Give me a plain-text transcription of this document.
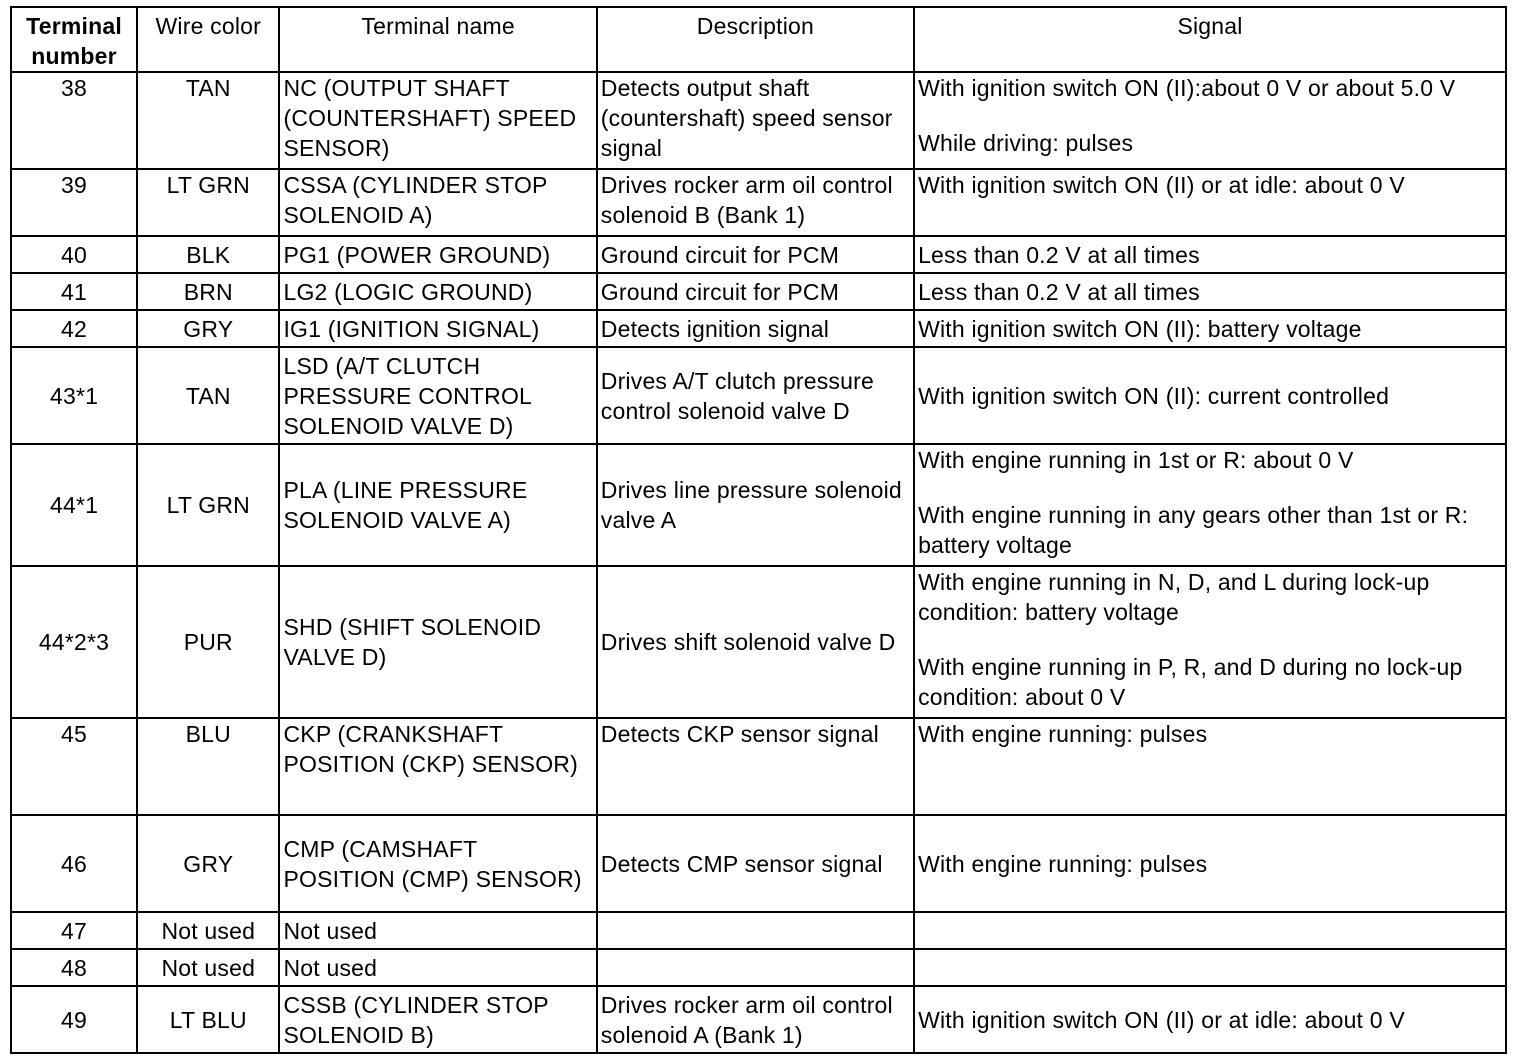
Terminal number	Wire color	Terminal name	Description	Signal
38	TAN	NC (OUTPUT SHAFT (COUNTERSHAFT) SPEED SENSOR)	Detects output shaft (countershaft) speed sensor signal	With ignition switch ON (II):about 0 V or about 5.0 V
While driving: pulses

39	LT GRN	CSSA (CYLINDER STOP SOLENOID A)	Drives rocker arm oil control solenoid B (Bank 1)	With ignition switch ON (II) or at idle: about 0 V

40	BLK	PG1 (POWER GROUND)	Ground circuit for PCM	Less than 0.2 V at all times

41	BRN	LG2 (LOGIC GROUND)	Ground circuit for PCM	Less than 0.2 V at all times

42	GRY	IG1 (IGNITION SIGNAL)	Detects ignition signal	With ignition switch ON (II): battery voltage

43*1	TAN	LSD (A/T CLUTCH PRESSURE CONTROL SOLENOID VALVE D)	Drives A/T clutch pressure control solenoid valve D	With ignition switch ON (II): current controlled

44*1	LT GRN	PLA (LINE PRESSURE SOLENOID VALVE A)	Drives line pressure solenoid valve A	With engine running in 1st or R: about 0 V
With engine running in any gears other than 1st or R: battery voltage

44*2*3	PUR	SHD (SHIFT SOLENOID VALVE D)	Drives shift solenoid valve D	With engine running in N, D, and L during lock-up condition: battery voltage
With engine running in P, R, and D during no lock-up condition: about 0 V

45	BLU	CKP (CRANKSHAFT POSITION (CKP) SENSOR)	Detects CKP sensor signal	With engine running: pulses

46	GRY	CMP (CAMSHAFT POSITION (CMP) SENSOR)	Detects CMP sensor signal	With engine running: pulses

47	Not used	Not used		

48	Not used	Not used		

49	LT BLU	CSSB (CYLINDER STOP SOLENOID B)	Drives rocker arm oil control solenoid A (Bank 1)	With ignition switch ON (II) or at idle: about 0 V
